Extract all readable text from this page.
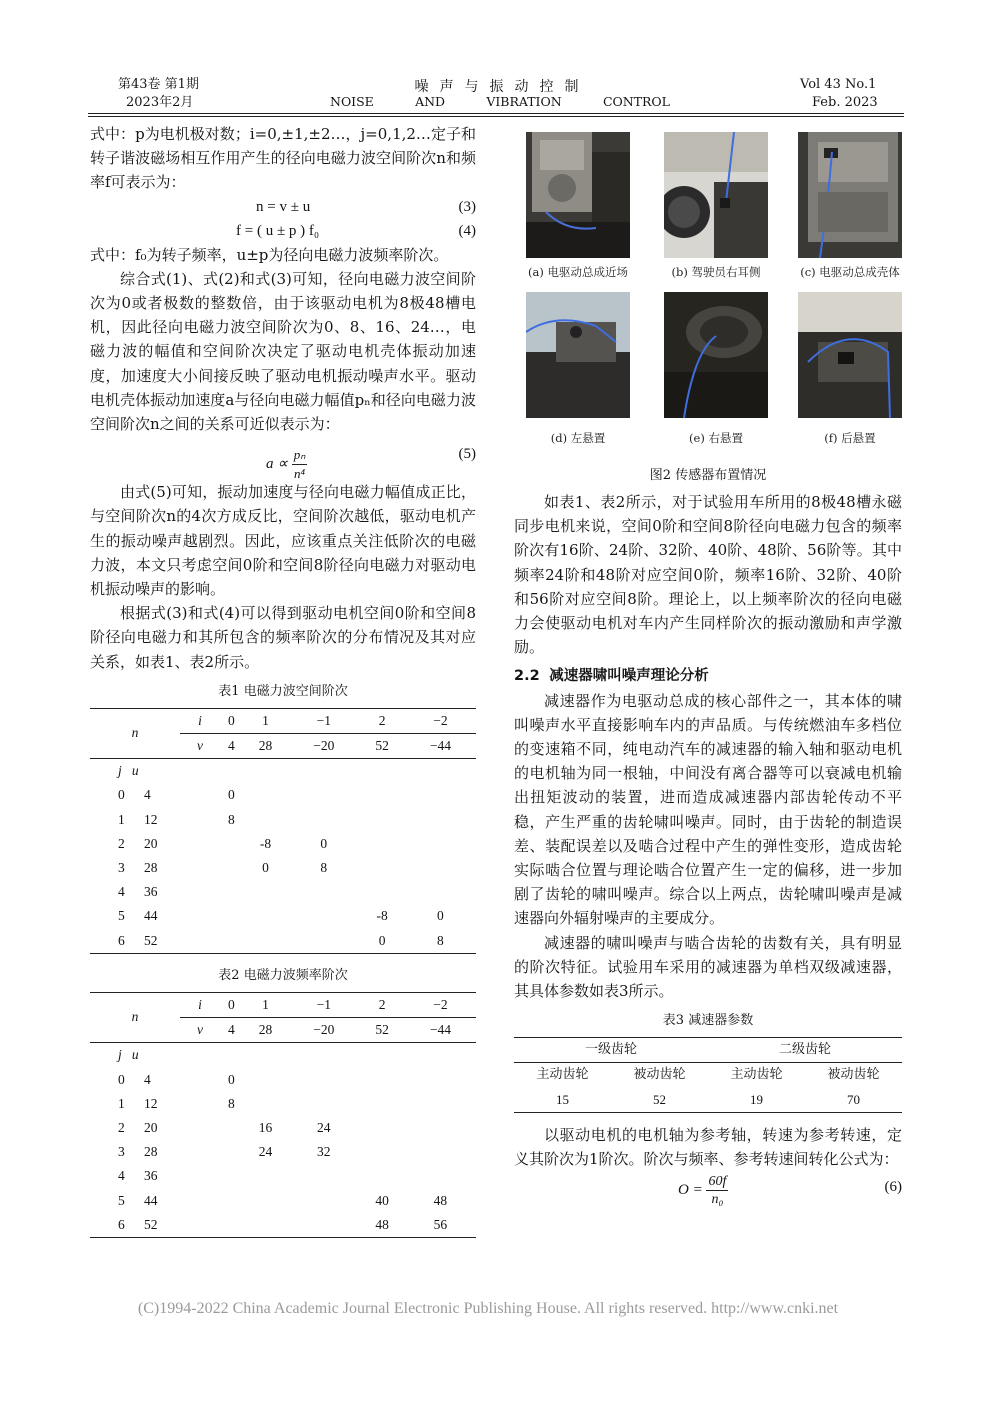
第43卷 第1期
2023年2月
噪声与振动控制
NOISE	AND	VIBRATION	CONTROL
Vol 43 No.1
Feb. 2023

式中：p为电机极对数；i=0,±1,±2…，j=0,1,2…定子和转子谐波磁场相互作用产生的径向电磁力波空间阶次n和频率f可表示为：

n = v ± u	(3)
f = ( u ± p ) f₀	(4)

式中：f₀为转子频率，u±p为径向电磁力波频率阶次。

综合式(1)、式(2)和式(3)可知，径向电磁力波空间阶次为0或者极数的整数倍，由于该驱动电机为8极48槽电机，因此径向电磁力波空间阶次为0、8、16、24…，电磁力波的幅值和空间阶次决定了驱动电机壳体振动加速度，加速度大小间接反映了驱动电机振动噪声水平。驱动电机壳体振动加速度a与径向电磁力幅值pₙ和径向电磁力波空间阶次n之间的关系可近似表示为：

$a \propto \frac{\text{pₙ}}{\text{n⁴}}$	(5)

由式(5)可知，振动加速度与径向电磁力幅值成正比，与空间阶次n的4次方成反比，空间阶次越低，驱动电机产生的振动噪声越剧烈。因此，应该重点关注低阶次的电磁力波，本文只考虑空间0阶和空间8阶径向电磁力对驱动电机振动噪声的影响。

根据式(3)和式(4)可以得到驱动电机空间0阶和空间8阶径向电磁力和其所包含的频率阶次的分布情况及其对应关系，如表1、表2所示。

表1 电磁力波空间阶次
n	i	0	1	−1	2	−2
	v	4	28	−20	52	−44
j u						
0 4		0				
1 12		8				
2 20			-8	0		
3 28			0	8		
4 36						
5 44					-8	0
6 52					0	8
表2 电磁力波频率阶次
n	i	0	1	−1	2	−2
	v	4	28	−20	52	−44
j u						
0 4		0				
1 12		8				
2 20			16	24		
3 28			24	32		
4 36						
5 44					40	48
6 52					48	56
(a) 电驱动总成近场	(b) 驾驶员右耳侧	(c) 电驱动总成壳体
(d) 左悬置	(e) 右悬置	(f) 后悬置
图2 传感器布置情况

如表1、表2所示，对于试验用车所用的8极48槽永磁同步电机来说，空间0阶和空间8阶径向电磁力包含的频率阶次有16阶、24阶、32阶、40阶、48阶、56阶等。其中频率24阶和48阶对应空间0阶，频率16阶、32阶、40阶和56阶对应空间8阶。理论上，以上频率阶次的径向电磁力会使驱动电机对车内产生同样阶次的振动激励和声学激励。

2.2 减速器啸叫噪声理论分析

减速器作为电驱动总成的核心部件之一，其本体的啸叫噪声水平直接影响车内的声品质。与传统燃油车多档位的变速箱不同，纯电动汽车的减速器的输入轴和驱动电机的电机轴为同一根轴，中间没有离合器等可以衰减电机输出扭矩波动的装置，进而造成减速器内部齿轮传动不平稳，产生严重的齿轮啸叫噪声。同时，由于齿轮的制造误差、装配误差以及啮合过程中产生的弹性变形，造成齿轮实际啮合位置与理论啮合位置产生一定的偏移，进一步加剧了齿轮的啸叫噪声。综合以上两点，齿轮啸叫噪声是减速器向外辐射噪声的主要成分。

减速器的啸叫噪声与啮合齿轮的齿数有关，具有明显的阶次特征。试验用车采用的减速器为单档双级减速器，其具体参数如表3所示。

表3 减速器参数
一级齿轮		二级齿轮	
主动齿轮	被动齿轮	主动齿轮	被动齿轮
15	52	19	70

以驱动电机的电机轴为参考轴，转速为参考转速，定义其阶次为1阶次。阶次与频率、参考转速间转化公式为：

$O = \frac{60f}{\text{n₀}}$	(6)
(C)1994-2022 China Academic Journal Electronic Publishing House. All rights reserved. http://www.cnki.net
